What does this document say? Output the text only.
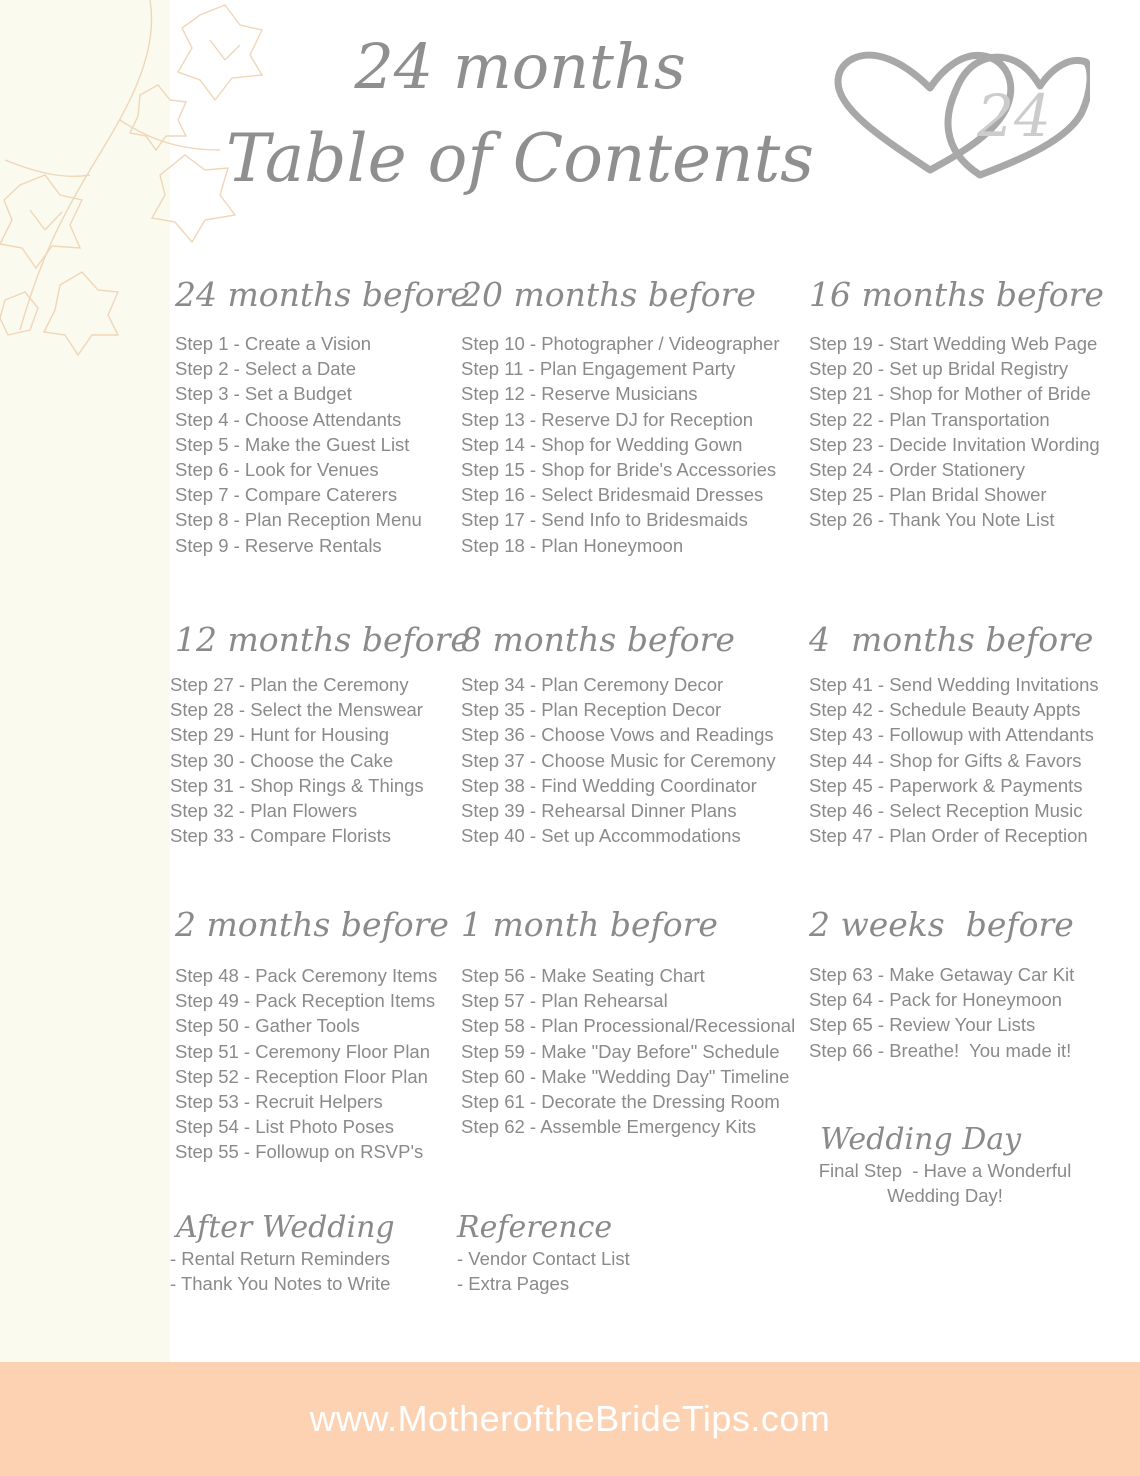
24 months
Table of Contents
24
24 months before
Step 1 - Create a Vision
Step 2 - Select a Date
Step 3 - Set a Budget
Step 4 - Choose Attendants
Step 5 - Make the Guest List
Step 6 - Look for Venues
Step 7 - Compare Caterers
Step 8 - Plan Reception Menu
Step 9 - Reserve Rentals
20 months before
Step 10 - Photographer / Videographer
Step 11 - Plan Engagement Party
Step 12 - Reserve Musicians
Step 13 - Reserve DJ for Reception
Step 14 - Shop for Wedding Gown
Step 15 - Shop for Bride's Accessories
Step 16 - Select Bridesmaid Dresses
Step 17 - Send Info to Bridesmaids
Step 18 - Plan Honeymoon
16 months before
Step 19 - Start Wedding Web Page
Step 20 - Set up Bridal Registry
Step 21 - Shop for Mother of Bride
Step 22 - Plan Transportation
Step 23 - Decide Invitation Wording
Step 24 - Order Stationery
Step 25 - Plan Bridal Shower
Step 26 - Thank You Note List
12 months before
Step 27 - Plan the Ceremony
Step 28 - Select the Menswear
Step 29 - Hunt for Housing
Step 30 - Choose the Cake
Step 31 - Shop Rings & Things
Step 32 - Plan Flowers
Step 33 - Compare Florists
8 months before
Step 34 - Plan Ceremony Decor
Step 35 - Plan Reception Decor
Step 36 - Choose Vows and Readings
Step 37 - Choose Music for Ceremony
Step 38 - Find Wedding Coordinator
Step 39 - Rehearsal Dinner Plans
Step 40 - Set up Accommodations
4  months before
Step 41 - Send Wedding Invitations
Step 42 - Schedule Beauty Appts
Step 43 - Followup with Attendants
Step 44 - Shop for Gifts & Favors
Step 45 - Paperwork & Payments
Step 46 - Select Reception Music
Step 47 - Plan Order of Reception
2 months before
Step 48 - Pack Ceremony Items
Step 49 - Pack Reception Items
Step 50 - Gather Tools
Step 51 - Ceremony Floor Plan
Step 52 - Reception Floor Plan
Step 53 - Recruit Helpers
Step 54 - List Photo Poses
Step 55 - Followup on RSVP's
1 month before
Step 56 - Make Seating Chart
Step 57 - Plan Rehearsal
Step 58 - Plan Processional/Recessional
Step 59 - Make "Day Before" Schedule
Step 60 - Make "Wedding Day" Timeline
Step 61 - Decorate the Dressing Room
Step 62 - Assemble Emergency Kits
2 weeks  before
Step 63 - Make Getaway Car Kit
Step 64 - Pack for Honeymoon
Step 65 - Review Your Lists
Step 66 - Breathe!  You made it!
Wedding Day
Final Step  - Have a Wonderful
Wedding Day!
After Wedding
- Rental Return Reminders
- Thank You Notes to Write
Reference
- Vendor Contact List
- Extra Pages
www.MotheroftheBrideTips.com
